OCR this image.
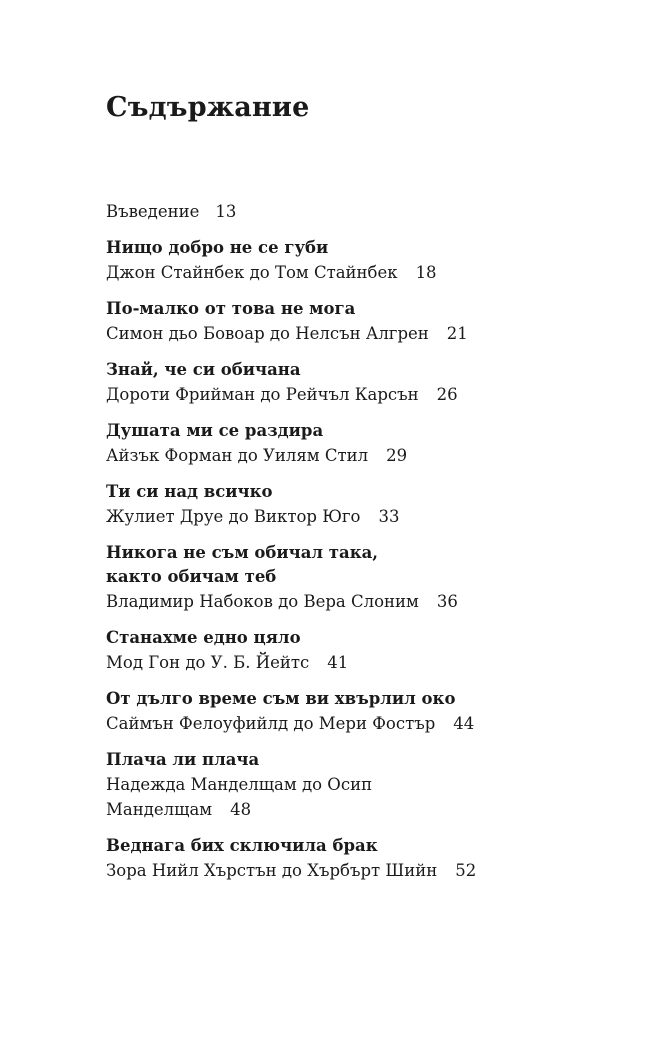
Съдържание
Въведение 13
Нищо добро не се губи
Джон Стайнбек до Том Стайнбек 18
По-малко от това не мога
Симон дьо Бовоар до Нелсън Алгрен 21
Знай, че си обичана
Дороти Фрийман до Рейчъл Карсън 26
Душата ми се раздира
Айзък Форман до Уилям Стил 29
Ти си над всичко
Жулиет Друе до Виктор Юго 33
Никога не съм обичал така,
както обичам теб
Владимир Набоков до Вера Слоним 36
Станахме едно цяло
Мод Гон до У. Б. Йейтс 41
От дълго време съм ви хвърлил око
Саймън Фелоуфийлд до Мери Фостър 44
Плача ли плача
Надежда Манделщам до Осип
Манделщам 48
Веднага бих сключила брак
Зора Нийл Хърстън до Хърбърт Шийн 52
